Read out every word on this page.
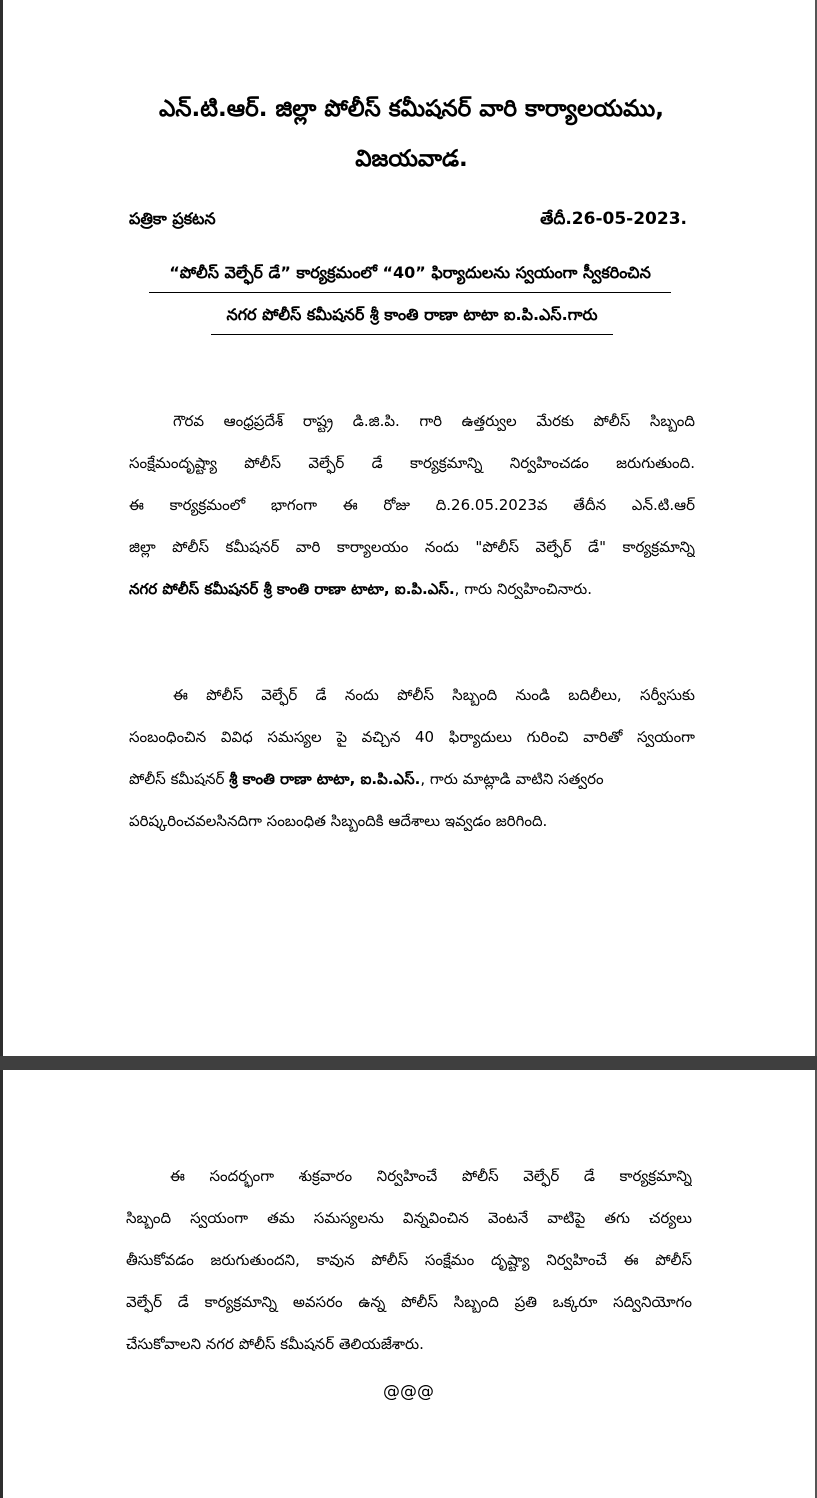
ఎన్.టి.ఆర్. జిల్లా పోలీస్ కమీషనర్ వారి కార్యాలయము,
విజయవాడ.
పత్రికా ప్రకటన	తేదీ.26-05-2023.
“పోలీస్ వెల్ఫేర్ డే” కార్యక్రమంలో “40” ఫిర్యాదులను స్వయంగా స్వీకరించిన
నగర పోలీస్ కమీషనర్ శ్రీ కాంతి రాణా టాటా ఐ.పి.ఎస్.గారు
గౌరవ ఆంధ్రప్రదేశ్ రాష్ట్ర డి.జి.పి. గారి ఉత్తర్వుల మేరకు పోలీస్ సిబ్బంది
సంక్షేమందృష్ట్యా పోలీస్ వెల్ఫేర్ డే కార్యక్రమాన్ని నిర్వహించడం జరుగుతుంది.
ఈ కార్యక్రమంలో భాగంగా ఈ రోజు ది.26.05.2023వ తేదీన ఎన్.టి.ఆర్
జిల్లా పోలీస్ కమీషనర్ వారి కార్యాలయం నందు "పోలీస్ వెల్ఫేర్ డే" కార్యక్రమాన్ని
నగర పోలీస్ కమీషనర్ శ్రీ కాంతి రాణా టాటా, ఐ.పి.ఎస్., గారు నిర్వహించినారు.
ఈ పోలీస్ వెల్ఫేర్ డే నందు పోలీస్ సిబ్బంది నుండి బదిలీలు, సర్వీసుకు
సంబంధించిన వివిధ సమస్యల పై వచ్చిన 40 ఫిర్యాదులు గురించి వారితో స్వయంగా
పోలీస్ కమీషనర్ శ్రీ కాంతి రాణా టాటా, ఐ.పి.ఎస్., గారు మాట్లాడి వాటిని సత్వరం
పరిష్కరించవలసినదిగా సంబంధిత సిబ్బందికి ఆదేశాలు ఇవ్వడం జరిగింది.
ఈ సందర్భంగా శుక్రవారం నిర్వహించే పోలీస్ వెల్ఫేర్ డే కార్యక్రమాన్ని
సిబ్బంది స్వయంగా తమ సమస్యలను విన్నవించిన వెంటనే వాటిపై తగు చర్యలు
తీసుకోవడం జరుగుతుందని, కావున పోలీస్ సంక్షేమం దృష్ట్యా నిర్వహించే ఈ పోలీస్
వెల్ఫేర్ డే కార్యక్రమాన్ని అవసరం ఉన్న పోలీస్ సిబ్బంది ప్రతి ఒక్కరూ సద్వినియోగం
చేసుకోవాలని నగర పోలీస్ కమీషనర్ తెలియజేశారు.
@@@
